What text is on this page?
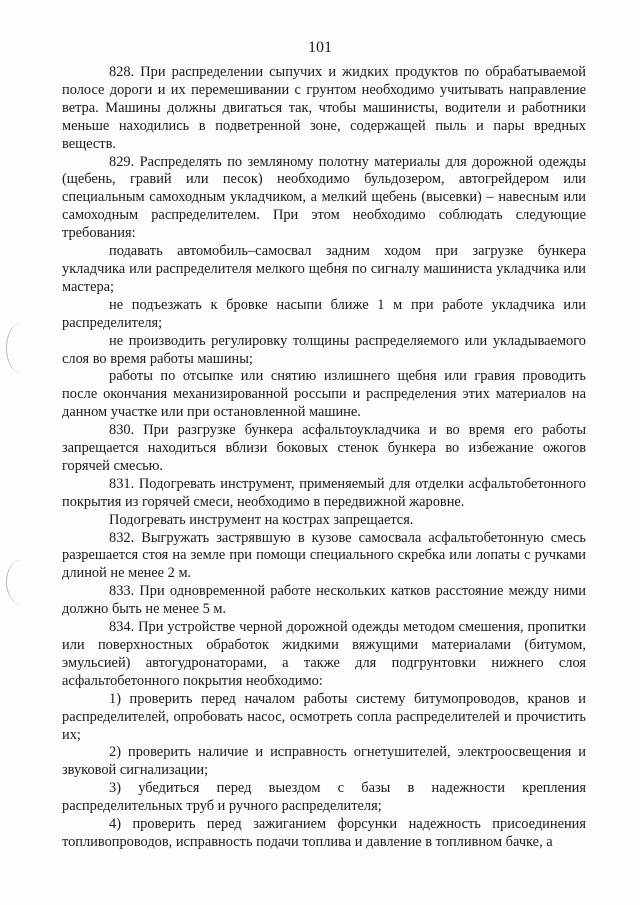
101

828. При распределении сыпучих и жидких продуктов по обрабатываемой полосе дороги и их перемешивании с грунтом необходимо учитывать направление ветра. Машины должны двигаться так, чтобы машинисты, водители и работники меньше находились в подветренной зоне, содержащей пыль и пары вредных веществ.

829. Распределять по земляному полотну материалы для дорожной одежды (щебень, гравий или песок) необходимо бульдозером, автогрейдером или специальным самоходным укладчиком, а мелкий щебень (высевки) – навесным или самоходным распределителем. При этом необходимо соблюдать следующие требования:

подавать автомобиль–самосвал задним ходом при загрузке бункера укладчика или распределителя мелкого щебня по сигналу машиниста укладчика или мастера;

не подъезжать к бровке насыпи ближе 1 м при работе укладчика или распределителя;

не производить регулировку толщины распределяемого или укладываемого слоя во время работы машины;

работы по отсыпке или снятию излишнего щебня или гравия проводить после окончания механизированной россыпи и распределения этих материалов на данном участке или при остановленной машине.

830. При разгрузке бункера асфальтоукладчика и во время его работы запрещается находиться вблизи боковых стенок бункера во избежание ожогов горячей смесью.

831. Подогревать инструмент, применяемый для отделки асфальтобетонного покрытия из горячей смеси, необходимо в передвижной жаровне.

Подогревать инструмент на кострах запрещается.

832. Выгружать застрявшую в кузове самосвала асфальтобетонную смесь разрешается стоя на земле при помощи специального скребка или лопаты с ручками длиной не менее 2 м.

833. При одновременной работе нескольких катков расстояние между ними должно быть не менее 5 м.

834. При устройстве черной дорожной одежды методом смешения, пропитки или поверхностных обработок жидкими вяжущими материалами (битумом, эмульсией) автогудронаторами, а также для подгрунтовки нижнего слоя асфальтобетонного покрытия необходимо:

1) проверить перед началом работы систему битумопроводов, кранов и распределителей, опробовать насос, осмотреть сопла распределителей и прочистить их;

2) проверить наличие и исправность огнетушителей, электроосвещения и звуковой сигнализации;

3) убедиться перед выездом с базы в надежности крепления распределительных труб и ручного распределителя;

4) проверить перед зажиганием форсунки надежность присоединения топливопроводов, исправность подачи топлива и давление в топливном бачке, а
